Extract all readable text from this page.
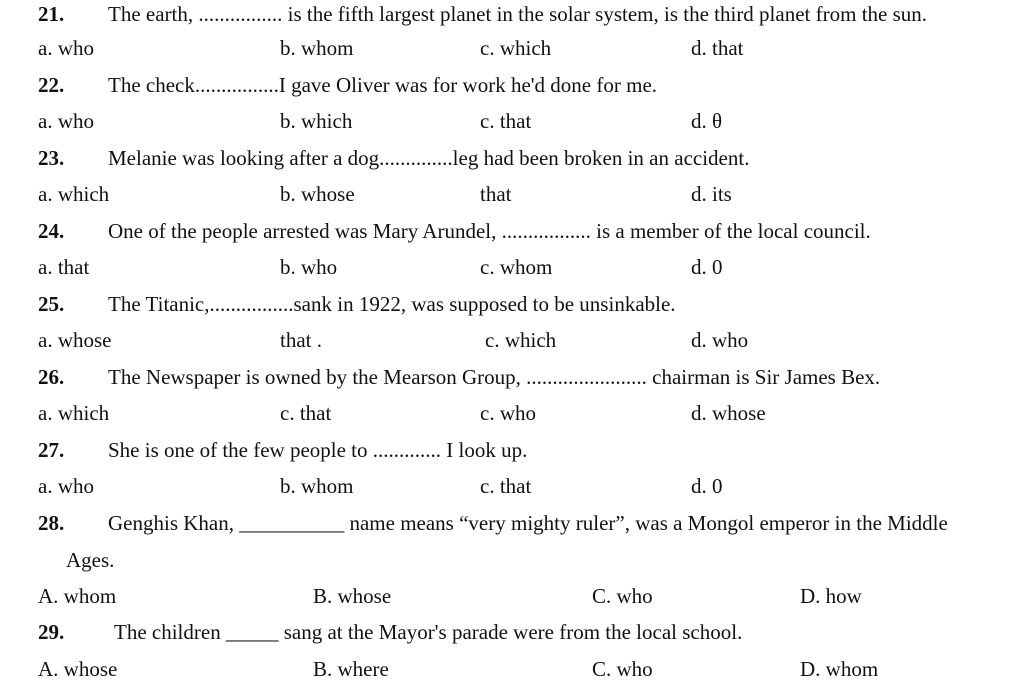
21. The earth, ................ is the fifth largest planet in the solar system, is the third planet from the sun.
a. who	b. whom	c. which	d. that
22. The check................I gave Oliver was for work he'd done for me.
a. who	b. which	c. that	d. θ
23. Melanie was looking after a dog..............leg had been broken in an accident.
a. which	b. whose	that	d. its
24. One of the people arrested was Mary Arundel, ................. is a member of the local council.
a. that	b. who	c. whom	d. 0
25. The Titanic,................sank in 1922, was supposed to be unsinkable.
a. whose	that .	c. which	d. who
26. The Newspaper is owned by the Mearson Group, ....................... chairman is Sir James Bex.
a. which	c. that	c. who	d. whose
27. She is one of the few people to ............. I look up.
a. who	b. whom	c. that	d. 0
28. Genghis Khan, __________ name means “very mighty ruler”, was a Mongol emperor in the Middle
Ages.
A. whom	B. whose	C. who	D. how
29. The children _____ sang at the Mayor's parade were from the local school.
A. whose	B. where	C. who	D. whom
